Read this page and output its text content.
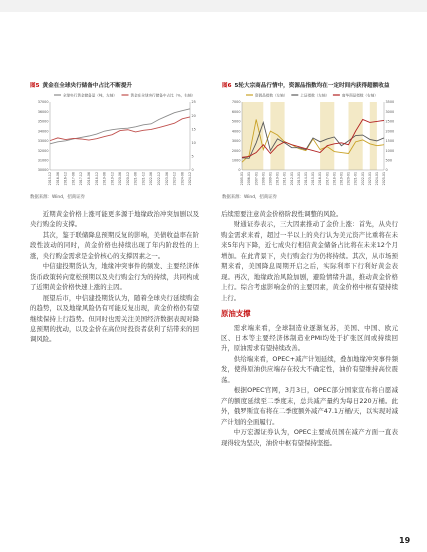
图5 黄金在全球央行储备中占比不断提升
30000
31000
32000
33000
34000
35000
36000
37000
0
5
10
15
20
25
2015-12 2016-06 2016-12 2017-06 2017-12 2018-06 2018-12 2019-06 2019-12 2020-06 2020-12 2021-06 2021-12 2022-06 2022-12 2023-06 2023-12 2024-06 2024-12
全球央行黄金储备量（吨，左轴）	黄金在全球央行储备中占比（%，右轴）
数据来源：Wind，招商证券
图6 5轮大宗商品行情中，资源品指数均在一定时间内获得超额收益
0
1000
2000
3000
4000
5000
6000
7000
0
500
1000
1500
2000
2500
3000
3500
2005-01 2006-01 2007-01 2008-01 2009-01 2010-01 2011-01 2012-01 2013-01 2014-01 2015-01 2016-01 2017-01 2018-01 2019-01 2020-01 2021-01 2022-01 2023-01 2024-01 2025-01
资源品指数（左轴）	上证指数（左轴）	南华商品指数（右轴）
数据来源：Wind，招商证券

近期黄金价格上涨可能更多源于地缘政治冲突加剧以及央行购金的支撑。

其次，鉴于联储降息预期反复的影响，美债收益率在阶段性波动的同时，黄金价格也持续出现了年内阶段性的上涨，央行购金需求是金价核心的支撑因素之一。

中信建投期货认为，地缘冲突事件的频发、主要经济体货币政策转向宽松预期以及央行购金行为的持续，共同构成了近期黄金价格快速上涨的主因。

展望后市，中信建投期货认为，随着全球央行延续购金的趋势，以及地缘风险仍有可能反复出现，黄金价格仍有望继续保持上行趋势。但同时也需关注美国经济数据表现对降息预期的扰动，以及金价在高位时投资者获利了结带来的回调风险。

后续需要注意黄金价格阶段性调整的风险。

财通证券表示，三大因素推动了金价上涨：首先，从央行购金需求来看，超过一半以上的央行认为美元资产比重将在未来5年内下降，近七成央行相信黄金储备占比将在未来12个月增加。在此背景下，央行购金行为仍将持续。其次，从市场预期来看，美国降息周期开启之后，实际利率下行利好黄金表现。再次，地缘政治风险加剧，避险情绪升温，推动黄金价格上行。综合考虑影响金价的主要因素，黄金价格中枢有望持续上行。

原油支撑

需求端来看，全球制造业逐渐复苏，美国、中国、欧元区、日本等主要经济体制造业PMI均处于扩张区间或持续回升，原油需求有望持续改善。

供给端来看，OPEC+减产计划延续，叠加地缘冲突事件频发，使得原油供应端存在较大不确定性，油价有望维持高位震荡。

根据OPEC官网，3月3日，OPEC部分国家宣布将自愿减产的额度延续至二季度末，总共减产量约为每日220万桶。此外，俄罗斯宣布将在二季度额外减产47.1万桶/天，以实现对减产计划的全面履行。

中万宏源证券认为，OPEC主要成员国在减产方面一直表现得较为坚决，油价中枢有望保持坚挺。

19
